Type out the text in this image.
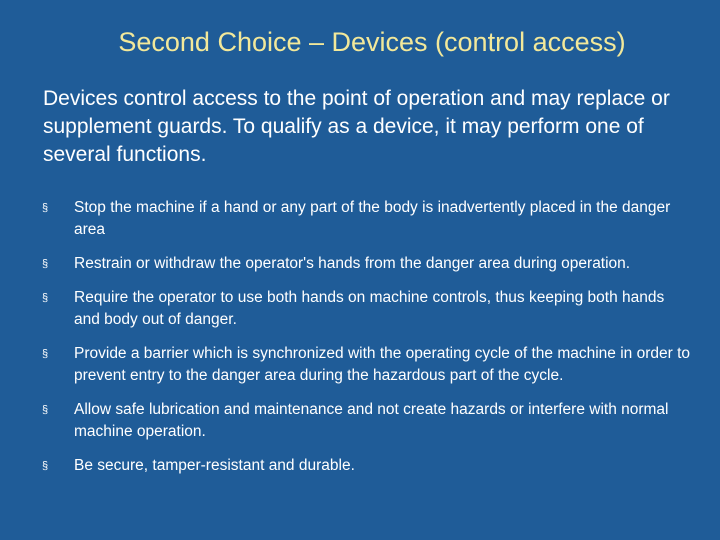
Second Choice – Devices (control access)

Devices control access to the point of operation and may replace or supplement guards. To qualify as a device, it may perform one of several functions.

§ Stop the machine if a hand or any part of the body is inadvertently placed in the danger area
§ Restrain or withdraw the operator's hands from the danger area during operation.
§ Require the operator to use both hands on machine controls, thus keeping both hands and body out of danger.
§ Provide a barrier which is synchronized with the operating cycle of the machine in order to prevent entry to the danger area during the hazardous part of the cycle.
§ Allow safe lubrication and maintenance and not create hazards or interfere with normal machine operation.
§ Be secure, tamper-resistant and durable.
